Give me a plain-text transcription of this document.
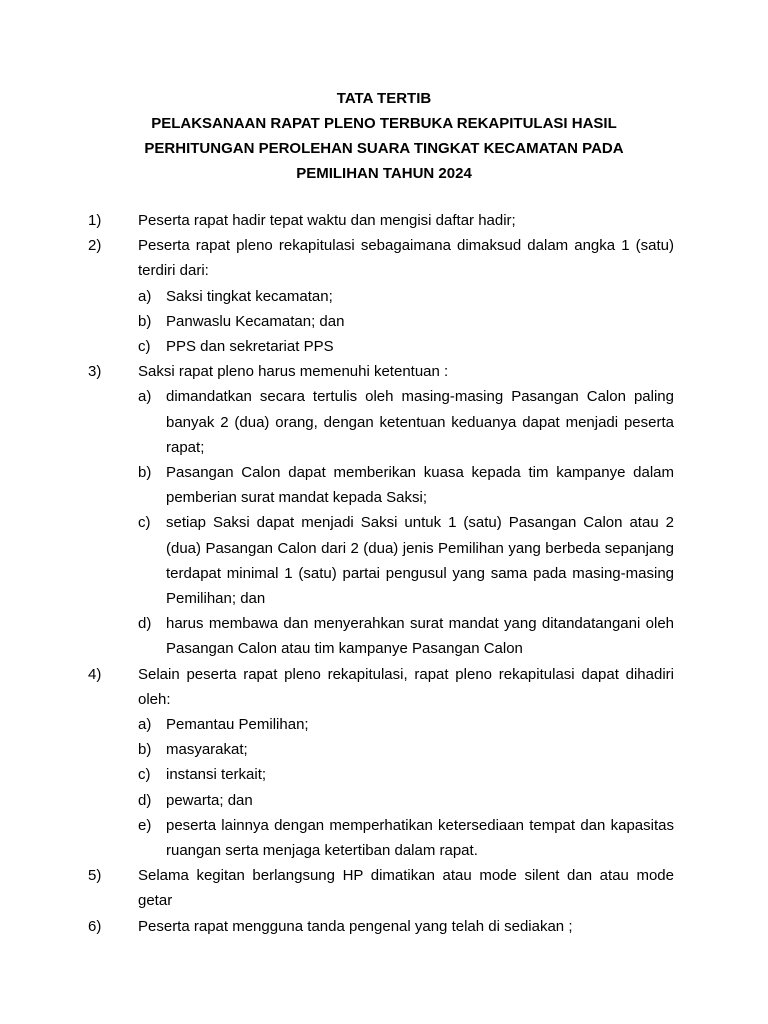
TATA TERTIB
PELAKSANAAN RAPAT PLENO TERBUKA REKAPITULASI HASIL
PERHITUNGAN PEROLEHAN SUARA TINGKAT KECAMATAN PADA
PEMILIHAN TAHUN 2024
1)	Peserta rapat hadir tepat waktu dan mengisi daftar hadir;
2)	Peserta rapat pleno rekapitulasi sebagaimana dimaksud dalam angka 1 (satu) terdiri dari:
a) Saksi tingkat kecamatan;
b) Panwaslu Kecamatan; dan
c)	PPS dan sekretariat PPS
3)	Saksi rapat pleno harus memenuhi ketentuan :
a) dimandatkan secara tertulis oleh masing-masing Pasangan Calon paling banyak 2 (dua) orang, dengan ketentuan keduanya dapat menjadi peserta rapat;
b) Pasangan Calon dapat memberikan kuasa kepada tim kampanye dalam pemberian surat mandat kepada Saksi;
c)	setiap Saksi dapat menjadi Saksi untuk 1 (satu) Pasangan Calon atau 2 (dua) Pasangan Calon dari 2 (dua) jenis Pemilihan yang berbeda sepanjang terdapat minimal 1 (satu) partai pengusul yang sama pada masing-masing Pemilihan; dan
d) harus membawa dan menyerahkan surat mandat yang ditandatangani oleh Pasangan Calon atau tim kampanye Pasangan Calon
4)	Selain peserta rapat pleno rekapitulasi, rapat pleno rekapitulasi dapat dihadiri oleh:
a) Pemantau Pemilihan;
b) masyarakat;
c)	instansi terkait;
d) pewarta; dan
e) peserta lainnya dengan memperhatikan ketersediaan tempat dan kapasitas ruangan serta menjaga ketertiban dalam rapat.
5)	Selama kegitan berlangsung HP dimatikan atau mode silent dan atau mode getar
6)	Peserta rapat mengguna tanda pengenal yang telah di sediakan ;
